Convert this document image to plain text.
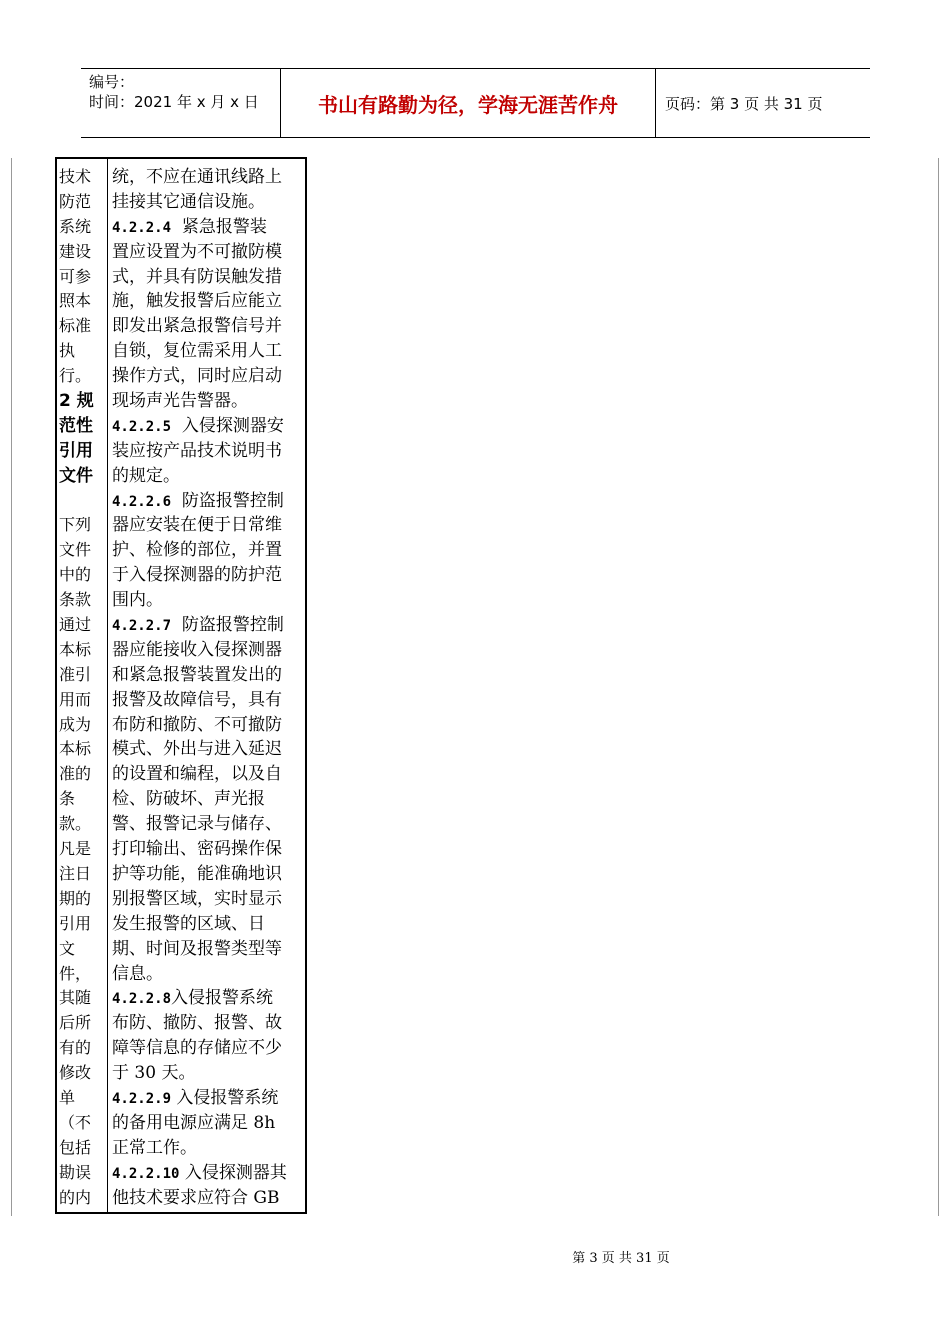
编号：
时间：2021 年 x 月 x 日	书山有路勤为径，学海无涯苦作舟	页码：第 3 页 共 31 页
技术
防范
系统
建设
可参
照本
标准
执
行。
2 规
范性
引用
文件
下列
文件
中的
条款
通过
本标
准引
用而
成为
本标
准的
条
款。
凡是
注日
期的
引用
文
件，
其随
后所
有的
修改
单
（不
包括
勘误
的内
统，不应在通讯线路上
挂接其它通信设施。
4.2.2.4  紧急报警装
置应设置为不可撤防模
式，并具有防误触发措
施，触发报警后应能立
即发出紧急报警信号并
自锁，复位需采用人工
操作方式，同时应启动
现场声光告警器。
4.2.2.5  入侵探测器安
装应按产品技术说明书
的规定。
4.2.2.6  防盗报警控制
器应安装在便于日常维
护、检修的部位，并置
于入侵探测器的防护范
围内。
4.2.2.7  防盗报警控制
器应能接收入侵探测器
和紧急报警装置发出的
报警及故障信号，具有
布防和撤防、不可撤防
模式、外出与进入延迟
的设置和编程，以及自
检、防破坏、声光报
警、报警记录与储存、
打印输出、密码操作保
护等功能，能准确地识
别报警区域，实时显示
发生报警的区域、日
期、时间及报警类型等
信息。
4.2.2.8入侵报警系统
布防、撤防、报警、故
障等信息的存储应不少
于 30 天。
4.2.2.9 入侵报警系统
的备用电源应满足 8h
正常工作。
4.2.2.10 入侵探测器其
他技术要求应符合 GB
第 3 页 共 31 页
